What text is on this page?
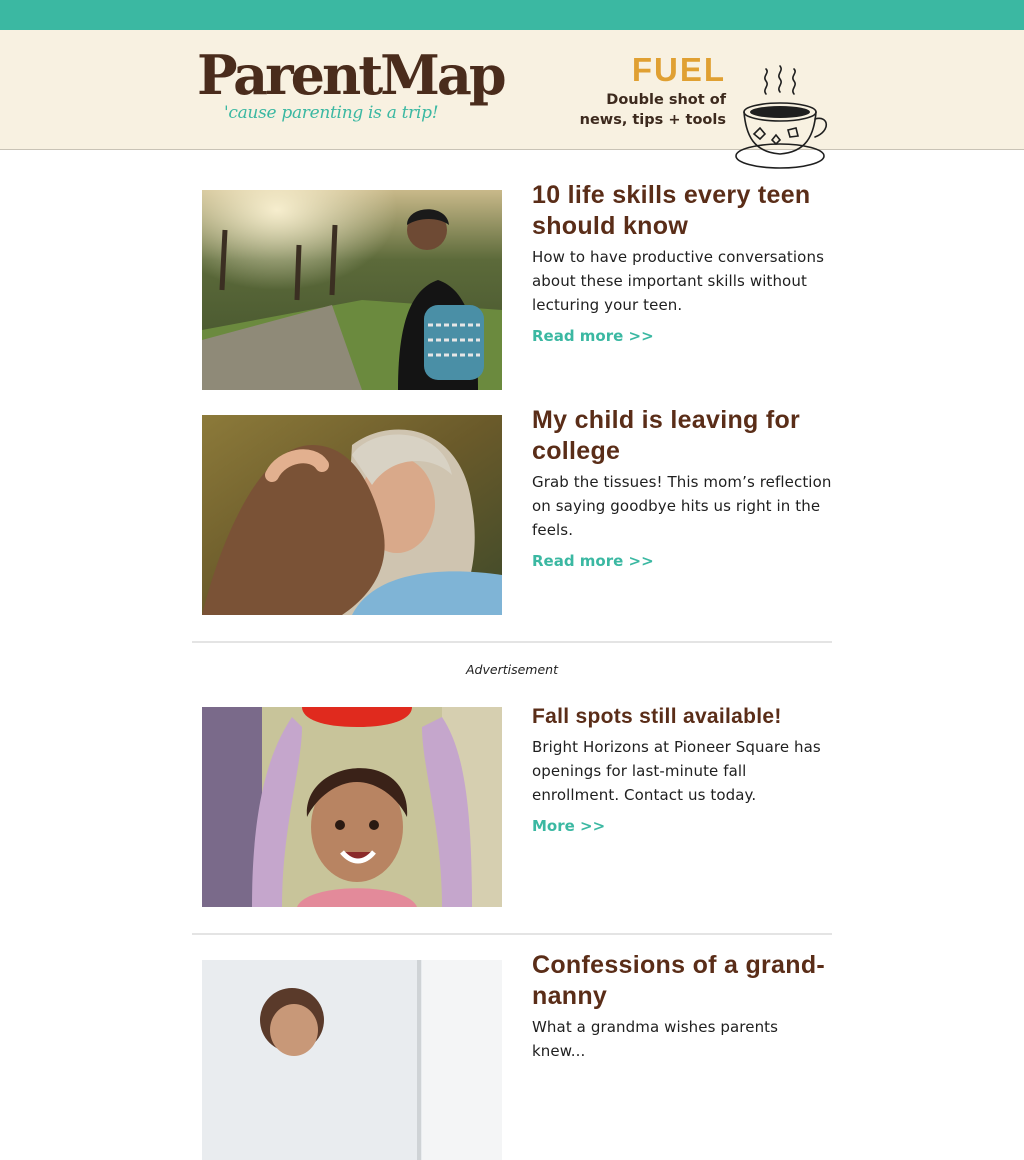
ParentMap
'cause parenting is a trip!
FUEL
Double shot of
news, tips + tools
10 life skills every teen should know
How to have productive conversations about these important skills without lecturing your teen.
Read more >>
My child is leaving for college
Grab the tissues! This mom’s reflection on saying goodbye hits us right in the feels.
Read more >>
Advertisement
Fall spots still available!
Bright Horizons at Pioneer Square has openings for last-minute fall enrollment. Contact us today.
More >>
Confessions of a grand-nanny
What a grandma wishes parents knew...
